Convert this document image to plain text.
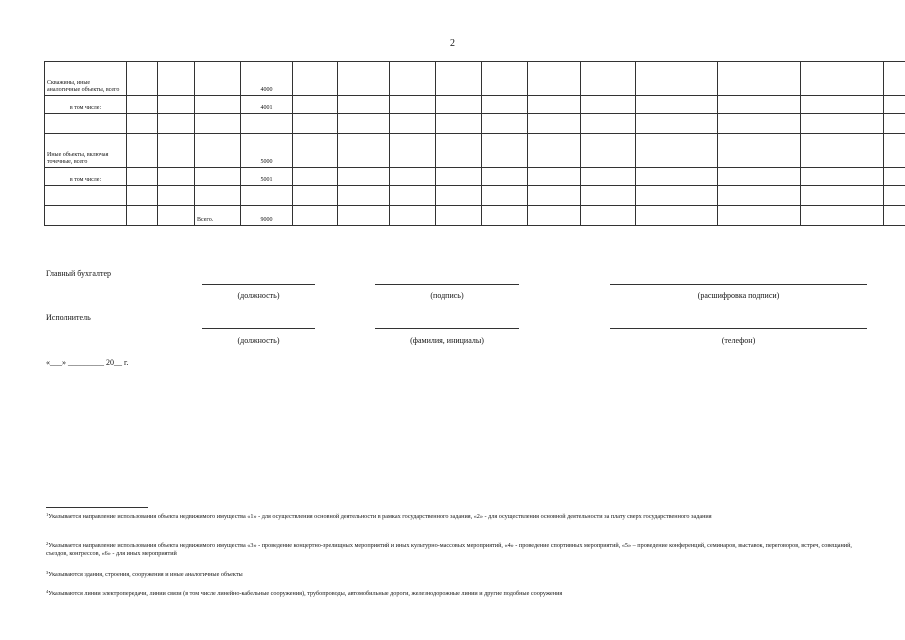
2
Скважины, иные аналогичные объекты, всего				4000											
в том числе:				4001											

Иные объекты, включая точечные, всего				5000											
в том числе:				5001											

			Всего.	9000											
Главный бухгалтер
(должность)	(подпись)	(расшифровка подписи)
Исполнитель
(должность)	(фамилия, инициалы)	(телефон)
«___» _________ 20__ г.
$^1$Указывается направление использования объекта недвижимого имущества «1» - для осуществления основной деятельности в рамках государственного задания, «2» - для осуществления основной деятельности за плату сверх государственного задания
$^2$Указывается направление использования объекта недвижимого имущества «3» - проведение концертно-зрелищных мероприятий и иных культурно-массовых мероприятий, «4» - проведение спортивных мероприятий, «5» – проведение конференций, семинаров, выставок, переговоров, встреч, совещаний, съездов, конгрессов, «6» - для иных мероприятий
$^3$Указываются здания, строения, сооружения и иные аналогичные объекты
$^4$Указываются линии электропередачи, линии связи (в том числе линейно-кабельные сооружения), трубопроводы, автомобильные дороги, железнодорожные линии и другие подобные сооружения
